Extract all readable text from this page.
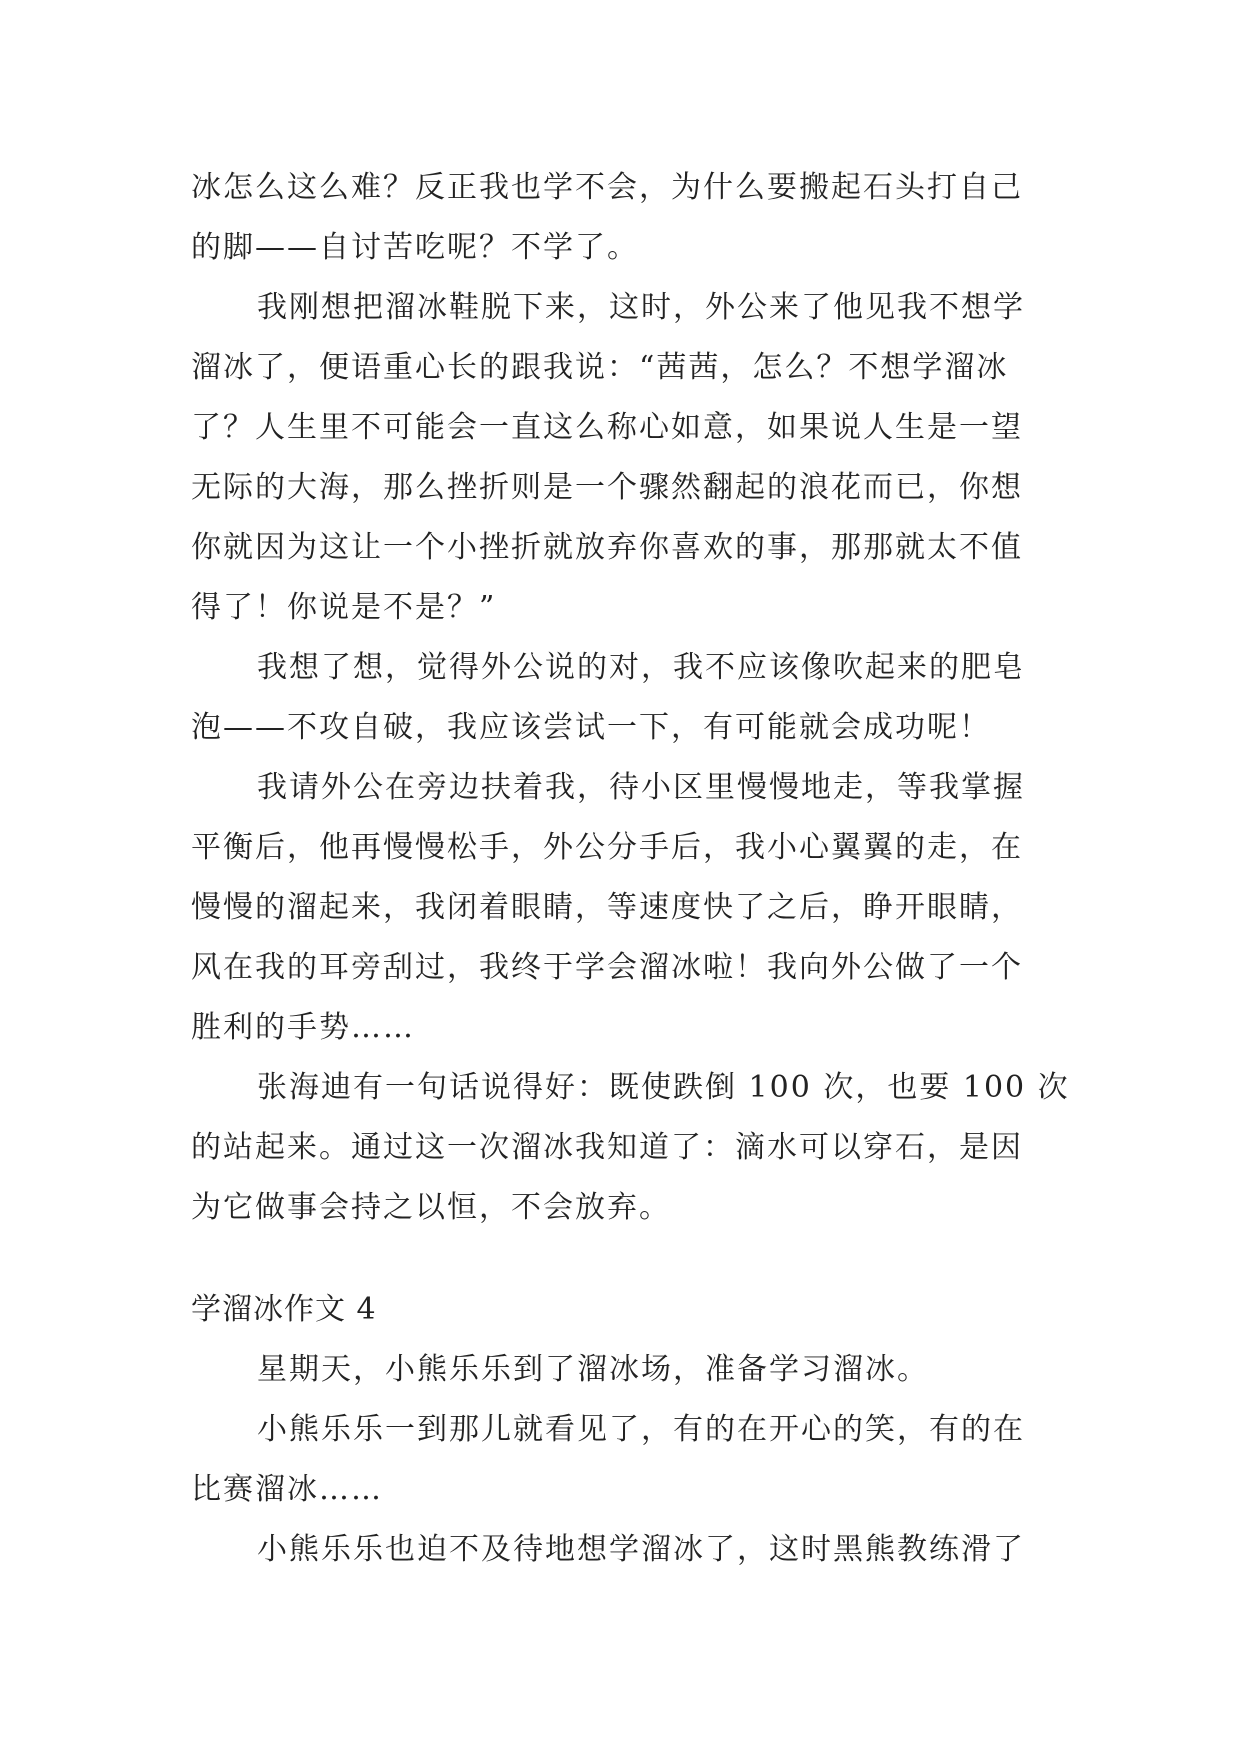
冰怎么这么难？反正我也学不会，为什么要搬起石头打自己
的脚——自讨苦吃呢？不学了。
我刚想把溜冰鞋脱下来，这时，外公来了他见我不想学
溜冰了，便语重心长的跟我说：“茜茜，怎么？不想学溜冰
了？人生里不可能会一直这么称心如意，如果说人生是一望
无际的大海，那么挫折则是一个骤然翻起的浪花而已，你想
你就因为这让一个小挫折就放弃你喜欢的事，那那就太不值
得了！你说是不是？”
我想了想，觉得外公说的对，我不应该像吹起来的肥皂
泡——不攻自破，我应该尝试一下，有可能就会成功呢！
我请外公在旁边扶着我，待小区里慢慢地走，等我掌握
平衡后，他再慢慢松手，外公分手后，我小心翼翼的走，在
慢慢的溜起来，我闭着眼睛，等速度快了之后，睁开眼睛，
风在我的耳旁刮过，我终于学会溜冰啦！我向外公做了一个
胜利的手势……
张海迪有一句话说得好：既使跌倒 100 次，也要 100 次
的站起来。通过这一次溜冰我知道了：滴水可以穿石，是因
为它做事会持之以恒，不会放弃。
学溜冰作文 4
星期天，小熊乐乐到了溜冰场，准备学习溜冰。
小熊乐乐一到那儿就看见了，有的在开心的笑，有的在
比赛溜冰……
小熊乐乐也迫不及待地想学溜冰了，这时黑熊教练滑了
